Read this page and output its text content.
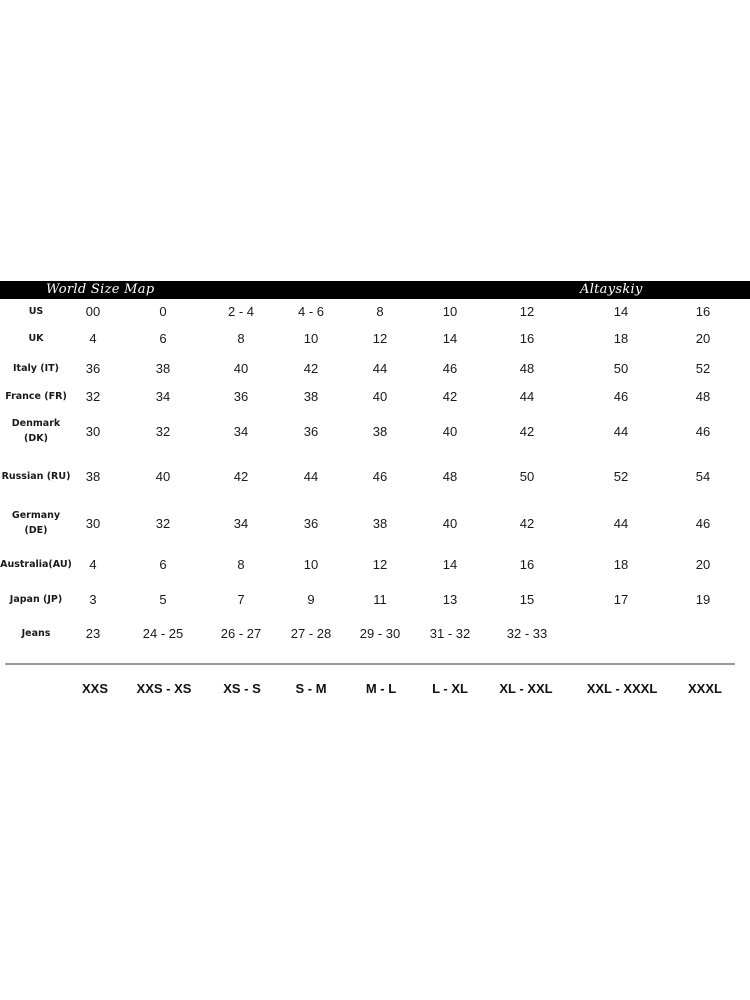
World Size Map	Altayskiy
US	00	0	2 - 4	4 - 6	8	10	12	14	16
UK	4	6	8	10	12	14	16	18	20
Italy (IT)	36	38	40	42	44	46	48	50	52
France (FR)	32	34	36	38	40	42	44	46	48
Denmark
(DK)	30	32	34	36	38	40	42	44	46
Russian (RU)	38	40	42	44	46	48	50	52	54
Germany
(DE)	30	32	34	36	38	40	42	44	46
Australia(AU)	4	6	8	10	12	14	16	18	20
Japan (JP)	3	5	7	9	11	13	15	17	19
Jeans	23	24 - 25	26 - 27	27 - 28	29 - 30	31 - 32	32 - 33
XXS	XXS - XS	XS - S	S - M	M - L	L - XL	XL - XXL	XXL - XXXL	XXXL
